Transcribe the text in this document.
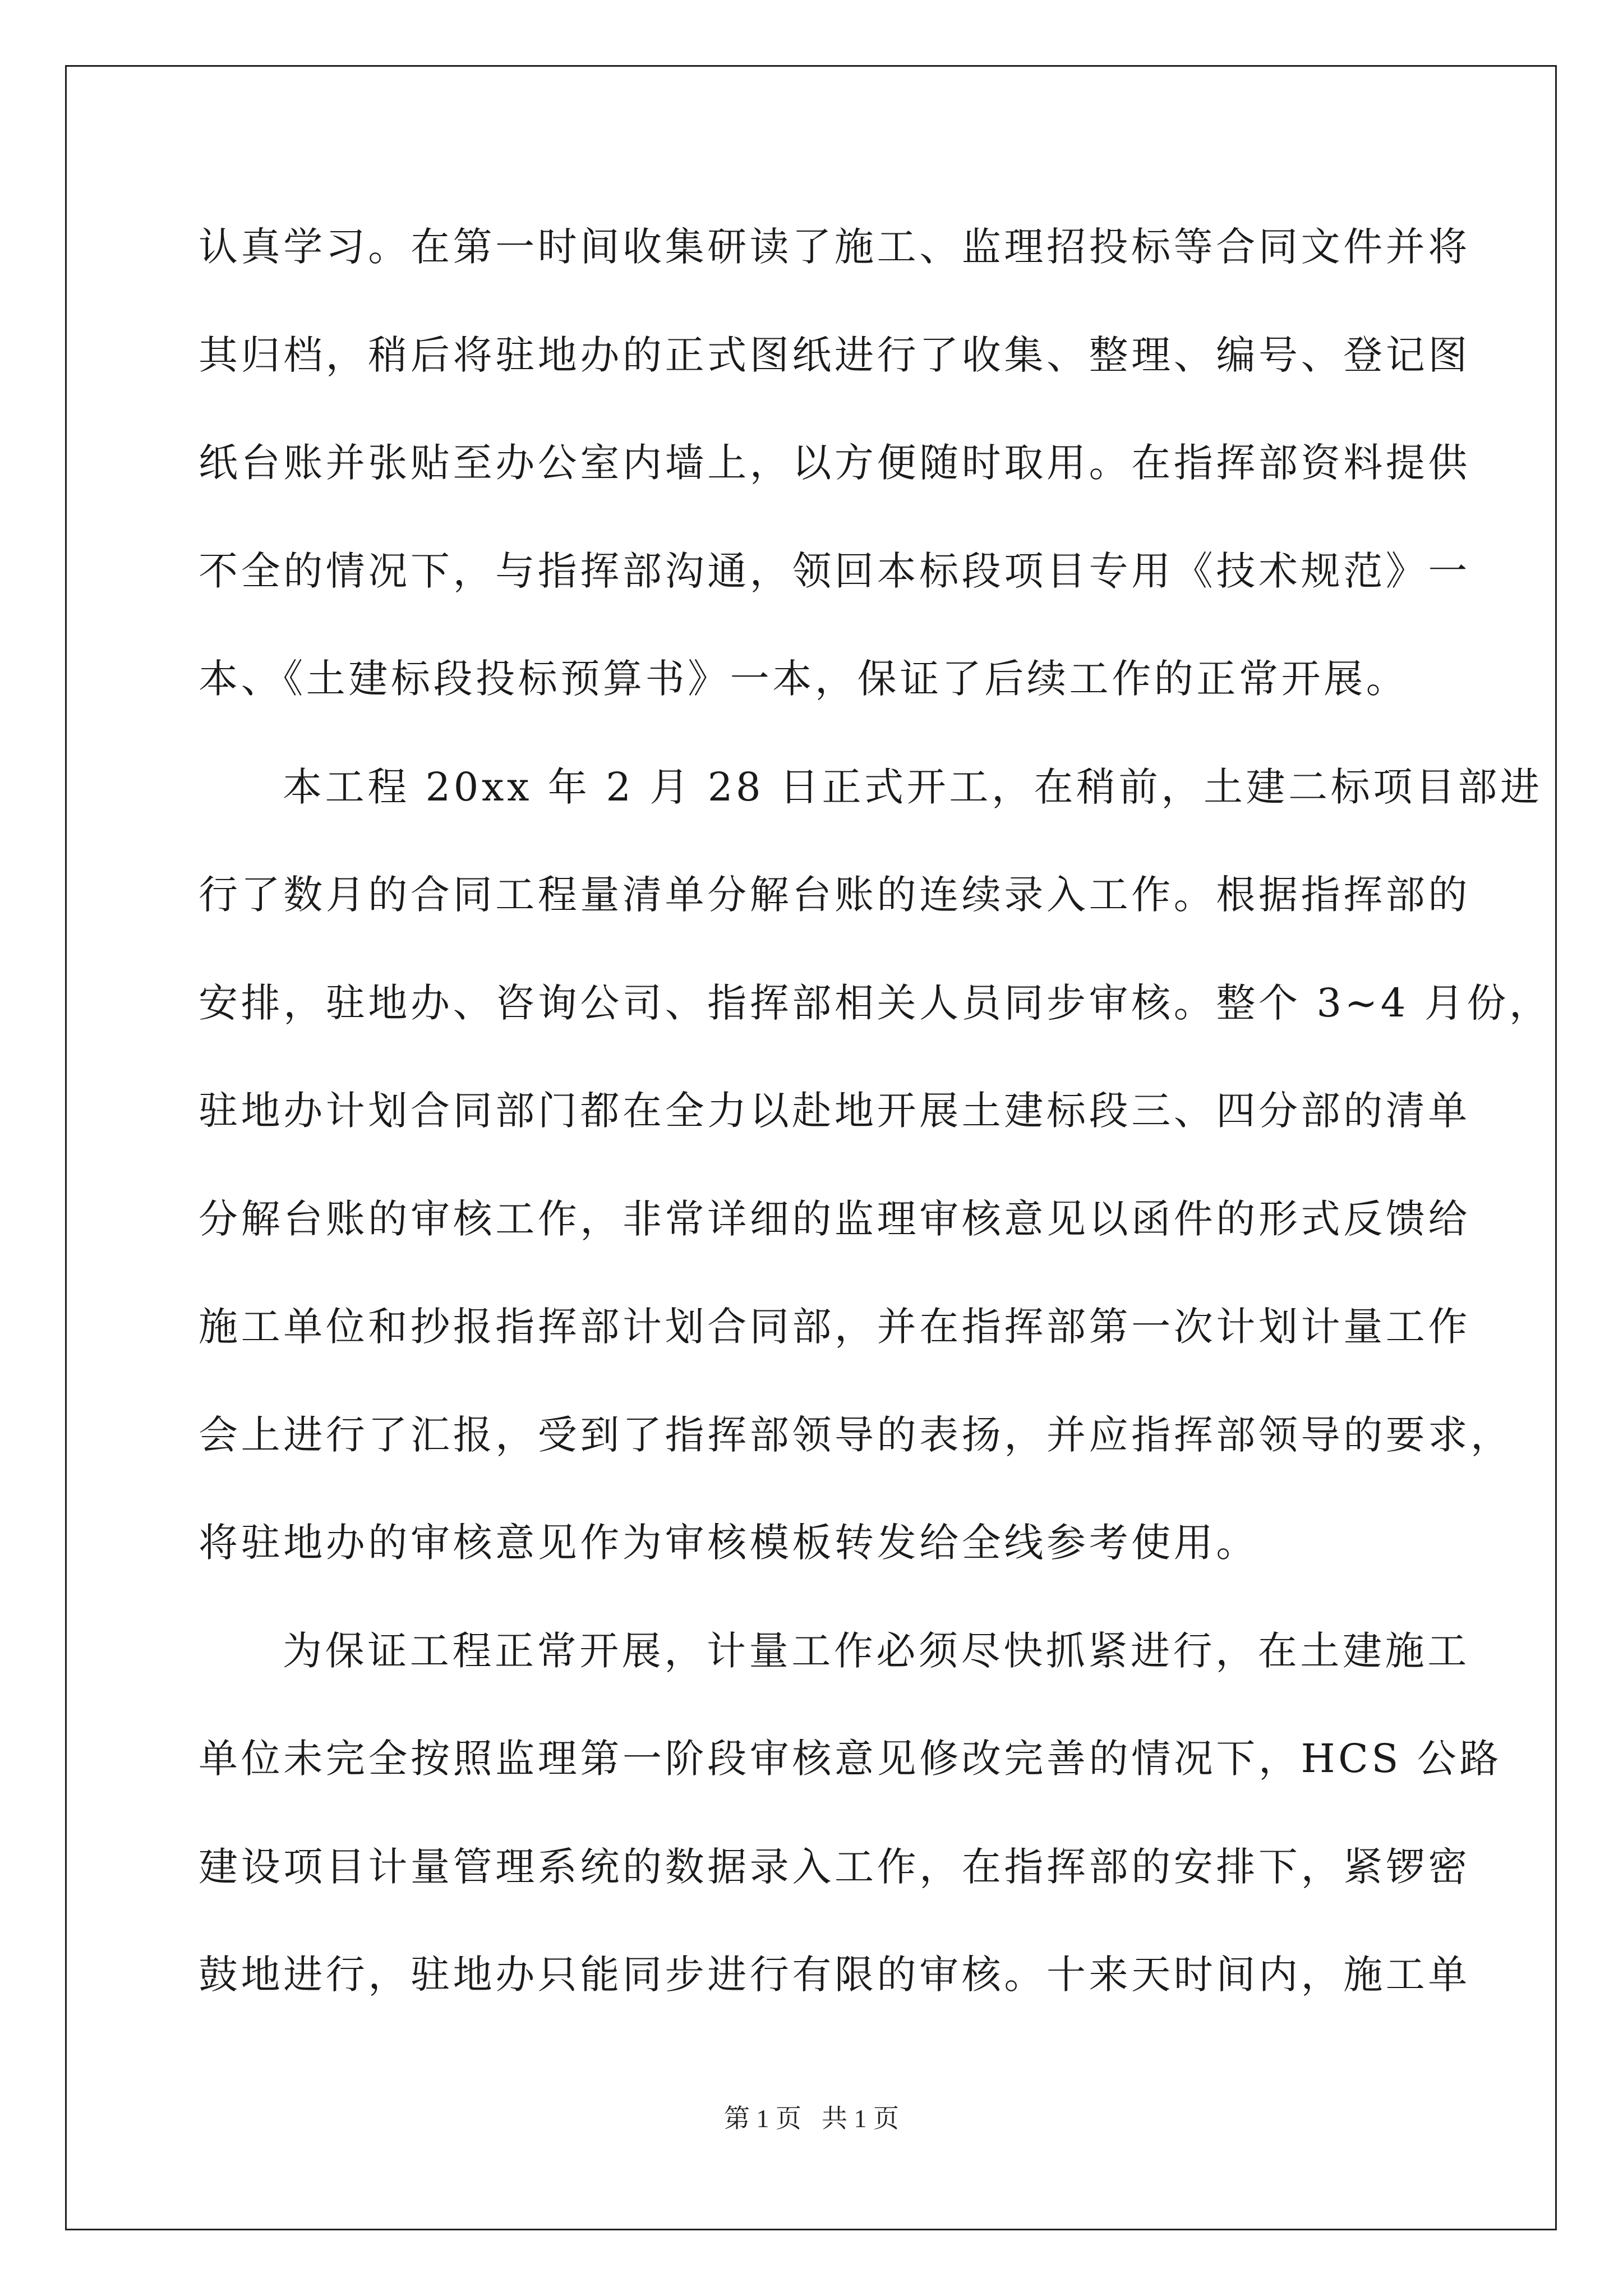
认真学习。在第一时间收集研读了施工、监理招投标等合同文件并将
其归档，稍后将驻地办的正式图纸进行了收集、整理、编号、登记图
纸台账并张贴至办公室内墙上，以方便随时取用。在指挥部资料提供
不全的情况下，与指挥部沟通，领回本标段项目专用《技术规范》一
本、《土建标段投标预算书》一本，保证了后续工作的正常开展。
本工程 20xx 年 2 月 28 日正式开工，在稍前，土建二标项目部进
行了数月的合同工程量清单分解台账的连续录入工作。根据指挥部的
安排，驻地办、咨询公司、指挥部相关人员同步审核。整个 3~4 月份，
驻地办计划合同部门都在全力以赴地开展土建标段三、四分部的清单
分解台账的审核工作，非常详细的监理审核意见以函件的形式反馈给
施工单位和抄报指挥部计划合同部，并在指挥部第一次计划计量工作
会上进行了汇报，受到了指挥部领导的表扬，并应指挥部领导的要求，
将驻地办的审核意见作为审核模板转发给全线参考使用。
为保证工程正常开展，计量工作必须尽快抓紧进行，在土建施工
单位未完全按照监理第一阶段审核意见修改完善的情况下，HCS 公路
建设项目计量管理系统的数据录入工作，在指挥部的安排下，紧锣密
鼓地进行，驻地办只能同步进行有限的审核。十来天时间内，施工单
第 1 页 共 1 页
